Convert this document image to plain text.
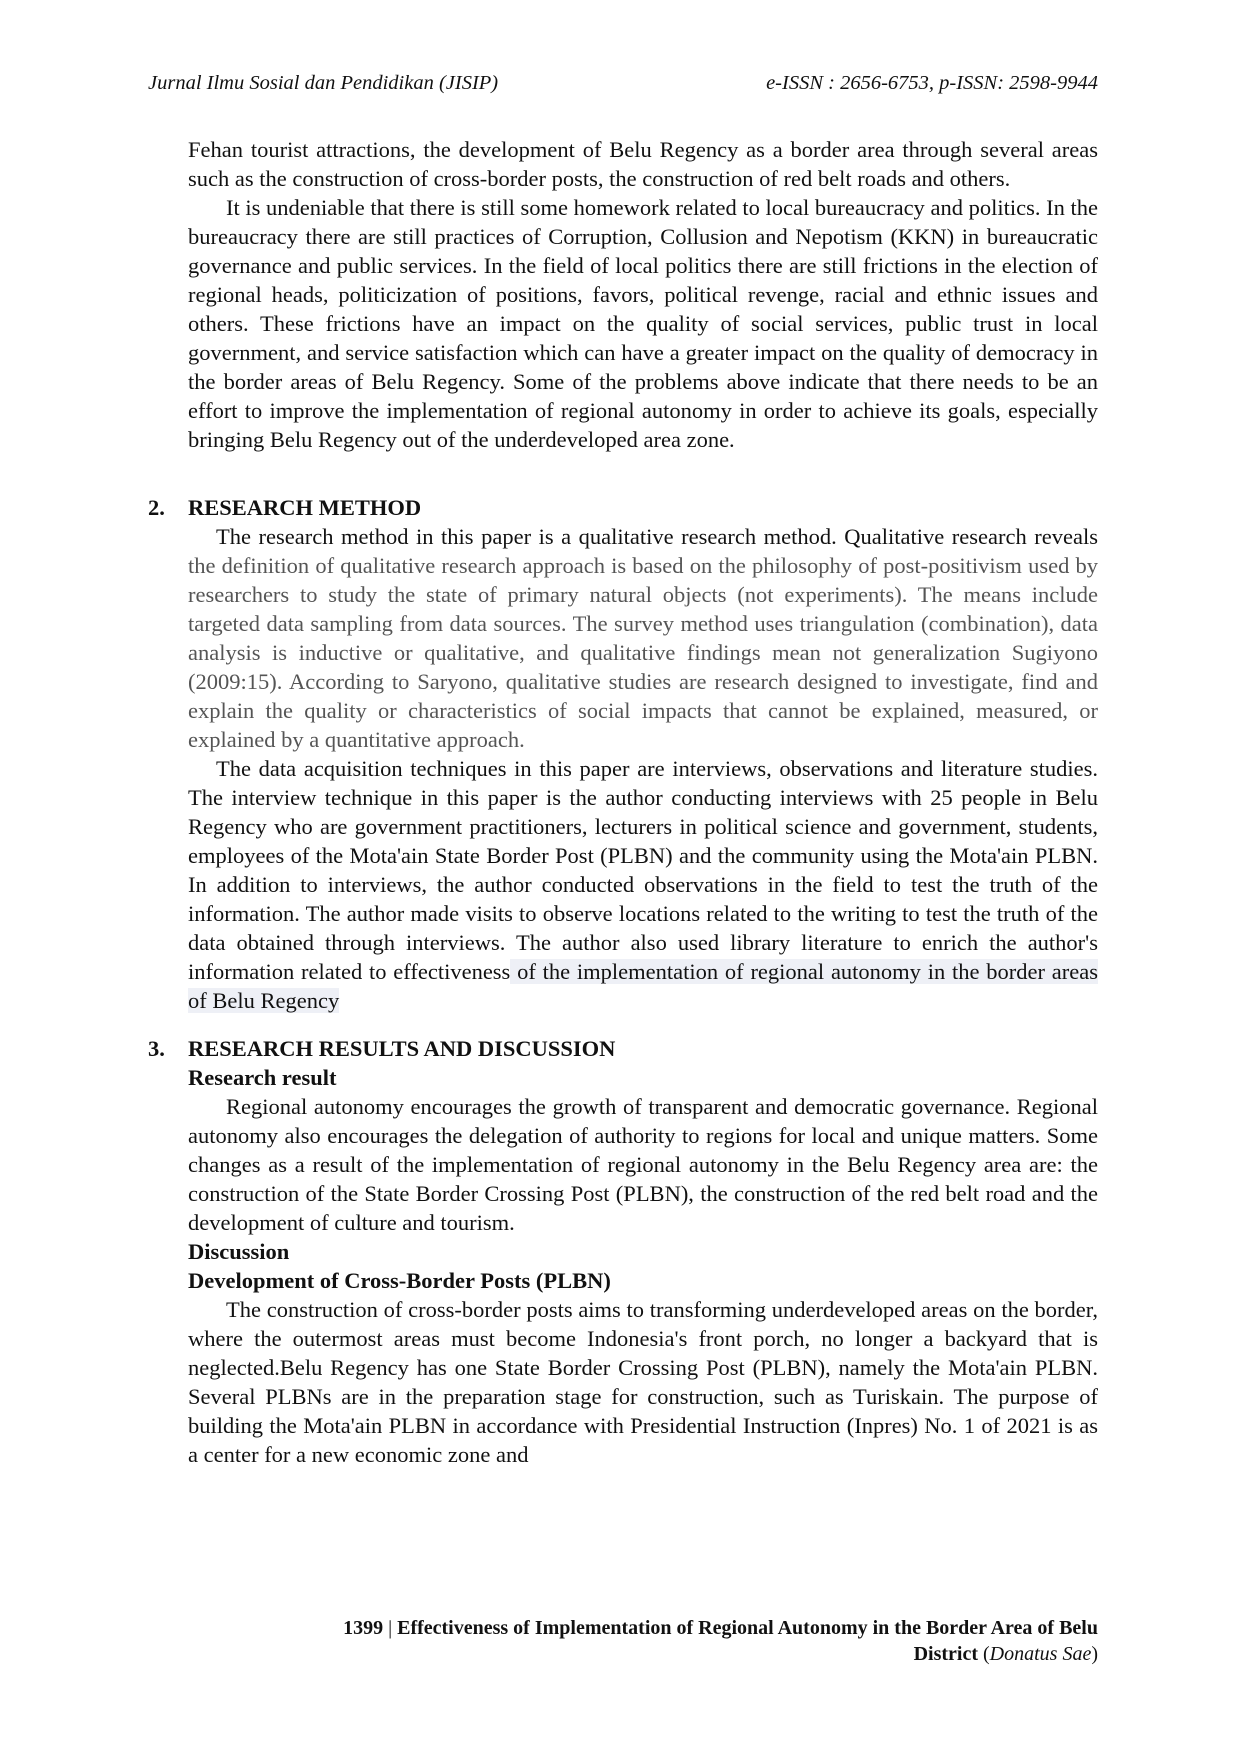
Jurnal Ilmu Sosial dan Pendidikan (JISIP)	e-ISSN : 2656-6753, p-ISSN: 2598-9944

Fehan tourist attractions, the development of Belu Regency as a border area through several areas such as the construction of cross-border posts, the construction of red belt roads and others.

It is undeniable that there is still some homework related to local bureaucracy and politics. In the bureaucracy there are still practices of Corruption, Collusion and Nepotism (KKN) in bureaucratic governance and public services. In the field of local politics there are still frictions in the election of regional heads, politicization of positions, favors, political revenge, racial and ethnic issues and others. These frictions have an impact on the quality of social services, public trust in local government, and service satisfaction which can have a greater impact on the quality of democracy in the border areas of Belu Regency. Some of the problems above indicate that there needs to be an effort to improve the implementation of regional autonomy in order to achieve its goals, especially bringing Belu Regency out of the underdeveloped area zone.

2. RESEARCH METHOD

The research method in this paper is a qualitative research method. Qualitative research reveals the definition of qualitative research approach is based on the philosophy of post-positivism used by researchers to study the state of primary natural objects (not experiments). The means include targeted data sampling from data sources. The survey method uses triangulation (combination), data analysis is inductive or qualitative, and qualitative findings mean not generalization Sugiyono (2009:15). According to Saryono, qualitative studies are research designed to investigate, find and explain the quality or characteristics of social impacts that cannot be explained, measured, or explained by a quantitative approach.

The data acquisition techniques in this paper are interviews, observations and literature studies. The interview technique in this paper is the author conducting interviews with 25 people in Belu Regency who are government practitioners, lecturers in political science and government, students, employees of the Mota'ain State Border Post (PLBN) and the community using the Mota'ain PLBN. In addition to interviews, the author conducted observations in the field to test the truth of the information. The author made visits to observe locations related to the writing to test the truth of the data obtained through interviews. The author also used library literature to enrich the author's information related to effectiveness of the implementation of regional autonomy in the border areas of Belu Regency

3. RESEARCH RESULTS AND DISCUSSION

Research result

Regional autonomy encourages the growth of transparent and democratic governance. Regional autonomy also encourages the delegation of authority to regions for local and unique matters. Some changes as a result of the implementation of regional autonomy in the Belu Regency area are: the construction of the State Border Crossing Post (PLBN), the construction of the red belt road and the development of culture and tourism.

Discussion

Development of Cross-Border Posts (PLBN)

The construction of cross-border posts aims to transforming underdeveloped areas on the border, where the outermost areas must become Indonesia's front porch, no longer a backyard that is neglected.Belu Regency has one State Border Crossing Post (PLBN), namely the Mota'ain PLBN. Several PLBNs are in the preparation stage for construction, such as Turiskain. The purpose of building the Mota'ain PLBN in accordance with Presidential Instruction (Inpres) No. 1 of 2021 is as a center for a new economic zone and

1399 | Effectiveness of Implementation of Regional Autonomy in the Border Area of Belu
District (Donatus Sae)
